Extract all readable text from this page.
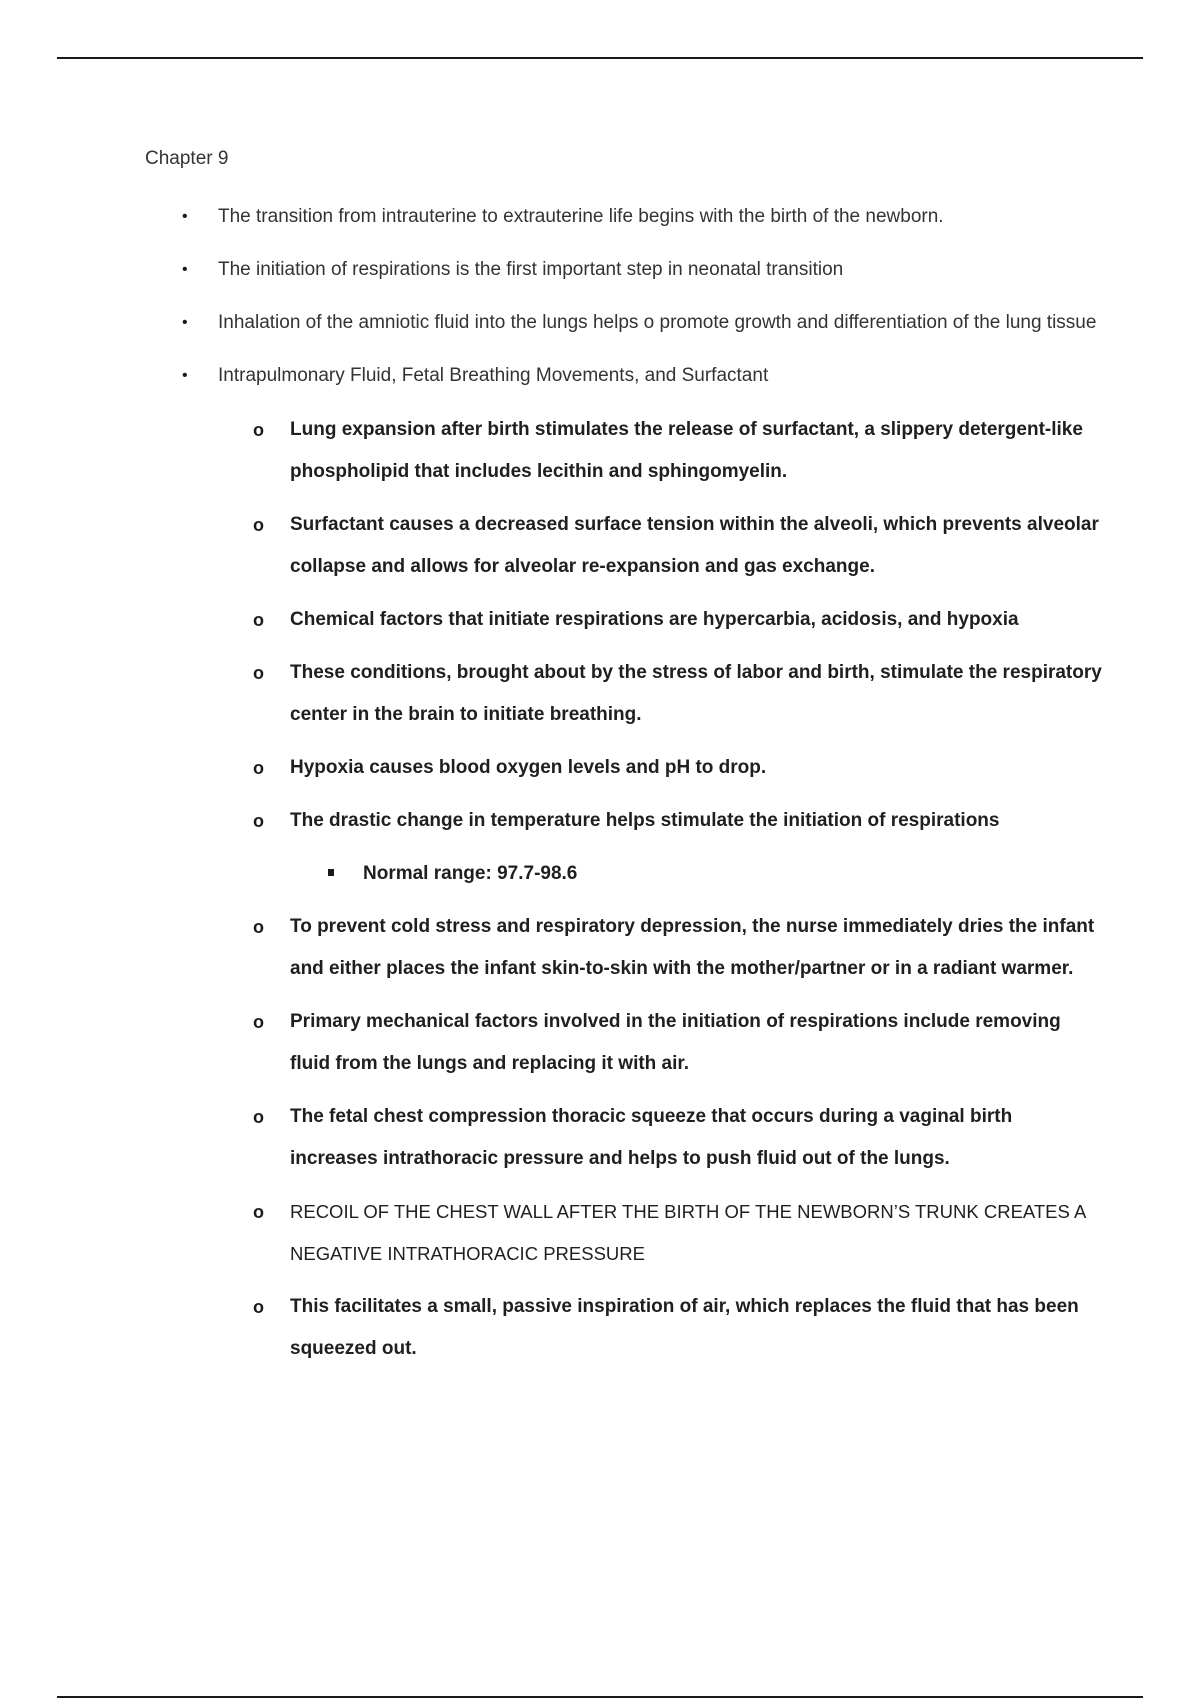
Chapter 9
• The transition from intrauterine to extrauterine life begins with the birth of the newborn.
• The initiation of respirations is the first important step in neonatal transition
• Inhalation of the amniotic fluid into the lungs helps o promote growth and differentiation of the lung tissue
• Intrapulmonary Fluid, Fetal Breathing Movements, and Surfactant
o Lung expansion after birth stimulates the release of surfactant, a slippery detergent-like phospholipid that includes lecithin and sphingomyelin.
o Surfactant causes a decreased surface tension within the alveoli, which prevents alveolar collapse and allows for alveolar re-expansion and gas exchange.
o Chemical factors that initiate respirations are hypercarbia, acidosis, and hypoxia
o These conditions, brought about by the stress of labor and birth, stimulate the respiratory center in the brain to initiate breathing.
o Hypoxia causes blood oxygen levels and pH to drop.
o The drastic change in temperature helps stimulate the initiation of respirations
Normal range: 97.7-98.6
o To prevent cold stress and respiratory depression, the nurse immediately dries the infant and either places the infant skin-to-skin with the mother/partner or in a radiant warmer.
o Primary mechanical factors involved in the initiation of respirations include removing fluid from the lungs and replacing it with air.
o The fetal chest compression thoracic squeeze that occurs during a vaginal birth increases intrathoracic pressure and helps to push fluid out of the lungs.
o RECOIL OF THE CHEST WALL AFTER THE BIRTH OF THE NEWBORN’S TRUNK CREATES A NEGATIVE INTRATHORACIC PRESSURE
o This facilitates a small, passive inspiration of air, which replaces the fluid that has been squeezed out.
